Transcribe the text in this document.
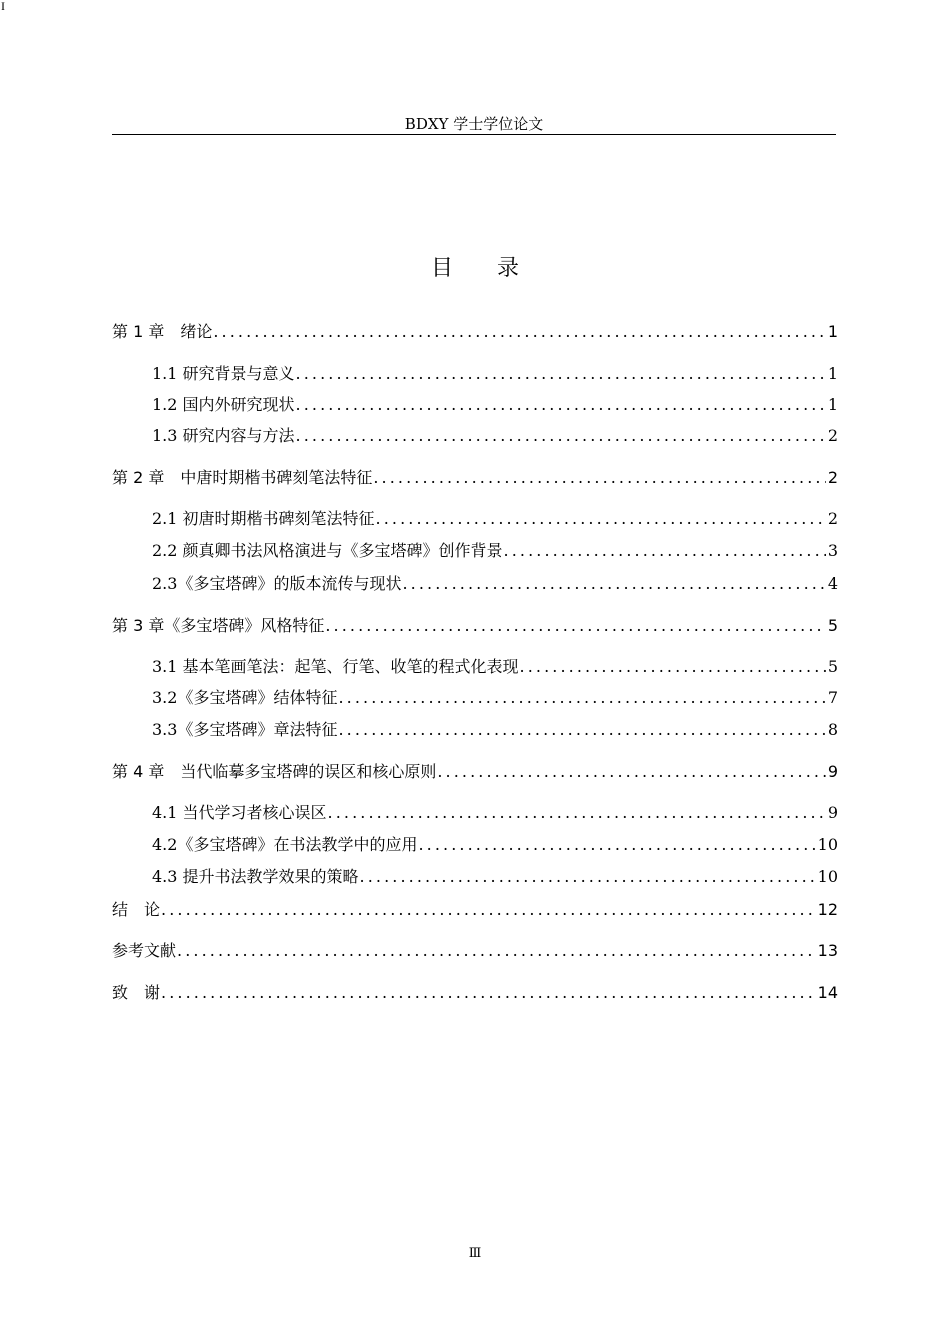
I
BDXY 学士学位论文
目录
第 1 章　绪论 .....	1
1.1 研究背景与意义 .....	1
1.2 国内外研究现状 .....	1
1.3 研究内容与方法 .....	2
第 2 章　中唐时期楷书碑刻笔法特征 .....	2
2.1 初唐时期楷书碑刻笔法特征 .....	2
2.2 颜真卿书法风格演进与《多宝塔碑》创作背景 .....	3
2.3《多宝塔碑》的版本流传与现状 .....	4
第 3 章《多宝塔碑》风格特征 .....	5
3.1 基本笔画笔法：起笔、行笔、收笔的程式化表现 .....	5
3.2《多宝塔碑》结体特征 .....	7
3.3《多宝塔碑》章法特征 .....	8
第 4 章　当代临摹多宝塔碑的误区和核心原则 .....	9
4.1 当代学习者核心误区 .....	9
4.2《多宝塔碑》在书法教学中的应用 .....	10
4.3 提升书法教学效果的策略 .....	10
结　论 .....	12
参考文献 .....	13
致　谢 .....	14
Ⅲ
